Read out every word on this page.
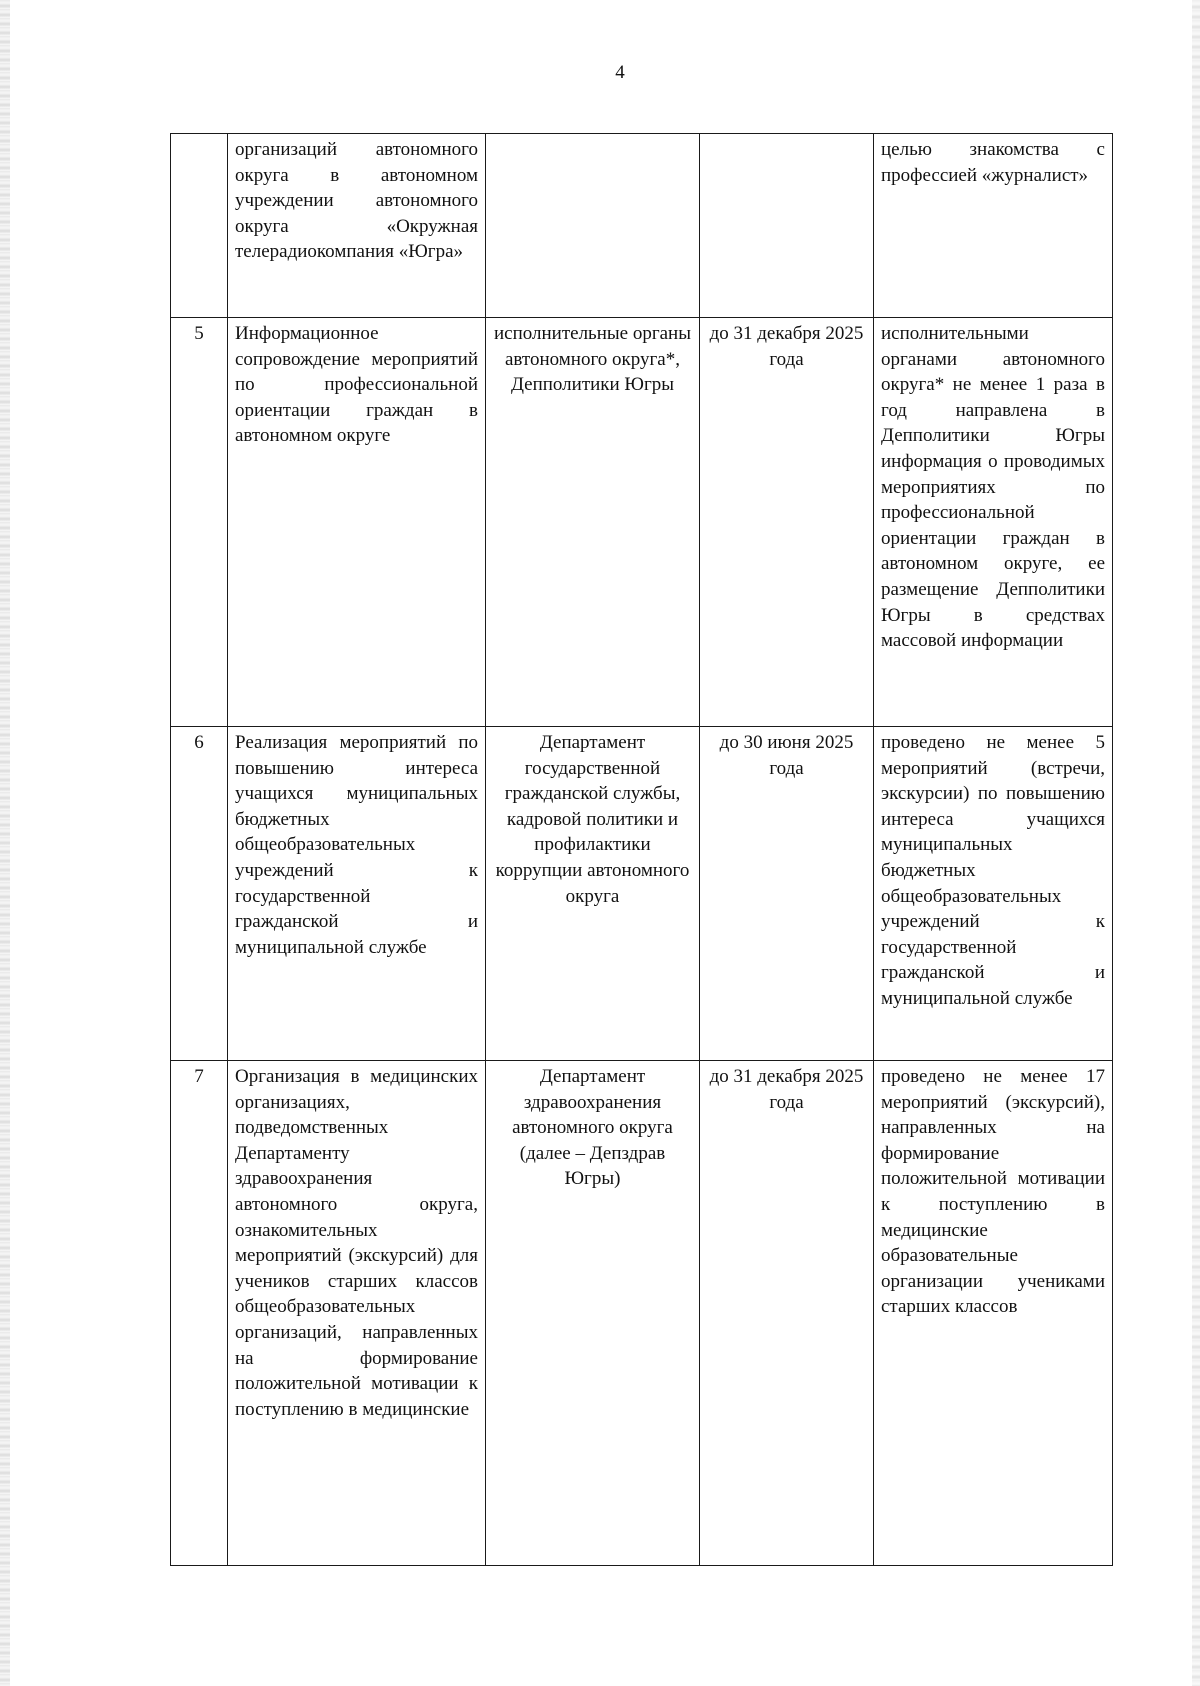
4
	организаций автономного округа в автономном учреждении автономного округа «Окружная телерадиокомпания «Югра»			целью знакомства с профессией «журналист»
5	Информационное сопровождение мероприятий по профессиональной ориентации граждан в автономном округе	исполнительные органы автономного округа*, Депполитики Югры	до 31 декабря 2025 года	исполнительными органами автономного округа* не менее 1 раза в год направлена в Депполитики Югры информация о проводимых мероприятиях по профессиональной ориентации граждан в автономном округе, ее размещение Депполитики Югры в средствах массовой информации
6	Реализация мероприятий по повышению интереса учащихся муниципальных бюджетных общеобразовательных учреждений к государственной гражданской и муниципальной службе	Департамент государственной гражданской службы, кадровой политики и профилактики коррупции автономного округа	до 30 июня 2025 года	проведено не менее 5 мероприятий (встречи, экскурсии) по повышению интереса учащихся муниципальных бюджетных общеобразовательных учреждений к государственной гражданской и муниципальной службе
7	Организация в медицинских организациях, подведомственных Департаменту здравоохранения автономного округа, ознакомительных мероприятий (экскурсий) для учеников старших классов общеобразовательных организаций, направленных на формирование положительной мотивации к поступлению в медицинские	Департамент здравоохранения автономного округа (далее – Депздрав Югры)	до 31 декабря 2025 года	проведено не менее 17 мероприятий (экскурсий), направленных на формирование положительной мотивации к поступлению в медицинские образовательные организации учениками старших классов
